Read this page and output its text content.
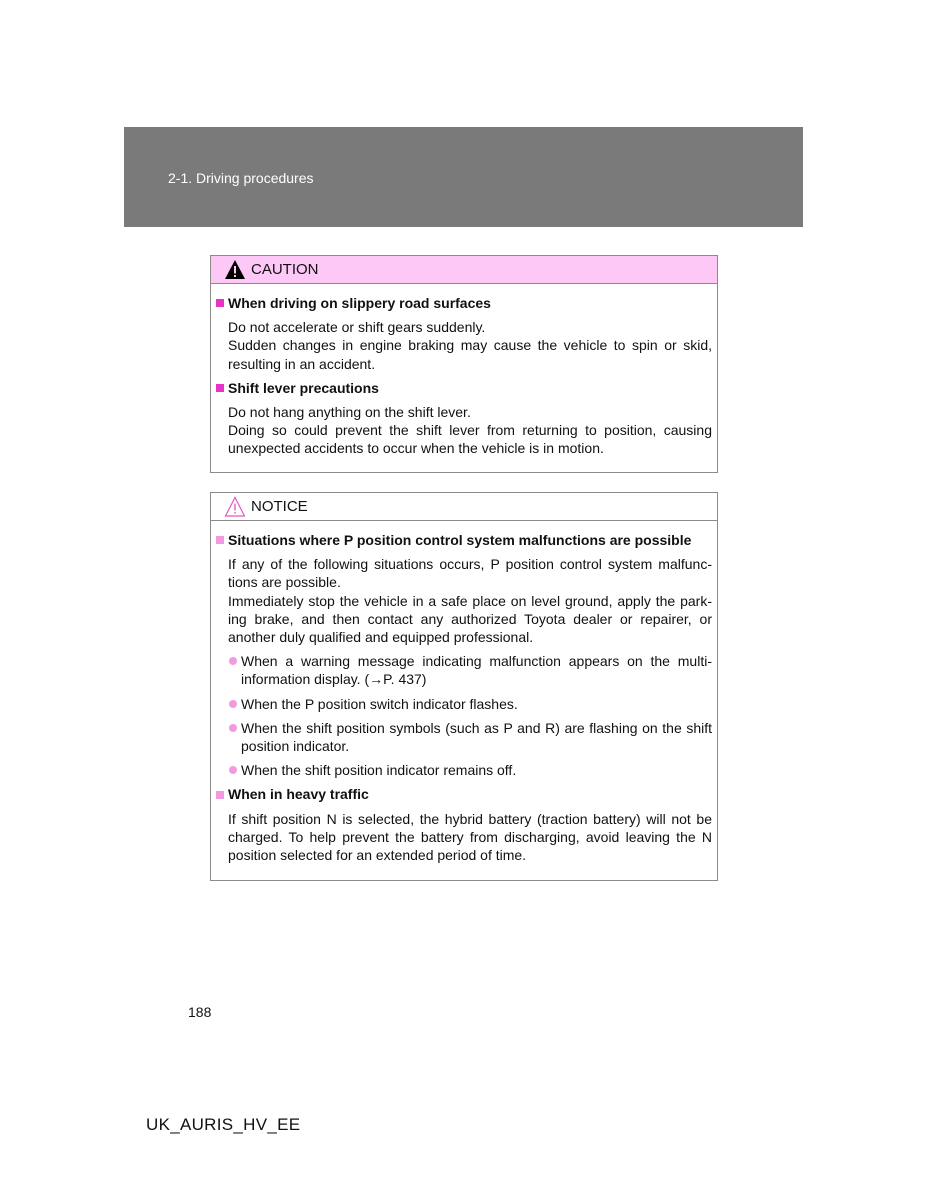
2-1. Driving procedures
CAUTION
When driving on slippery road surfaces

Do not accelerate or shift gears suddenly.

Sudden changes in engine braking may cause the vehicle to spin or skid, resulting in an accident.

Shift lever precautions

Do not hang anything on the shift lever.

Doing so could prevent the shift lever from returning to position, causing unexpected accidents to occur when the vehicle is in motion.

NOTICE
Situations where P position control system malfunctions are possible

If any of the following situations occurs, P position control system malfunc-tions are possible.

Immediately stop the vehicle in a safe place on level ground, apply the park-ing brake, and then contact any authorized Toyota dealer or repairer, or another duly qualified and equipped professional.

When a warning message indicating malfunction appears on the multi-information display. (→P. 437)
When the P position switch indicator flashes.
When the shift position symbols (such as P and R) are flashing on the shift position indicator.
When the shift position indicator remains off.
When in heavy traffic

If shift position N is selected, the hybrid battery (traction battery) will not be charged. To help prevent the battery from discharging, avoid leaving the N position selected for an extended period of time.

188
UK_AURIS_HV_EE
